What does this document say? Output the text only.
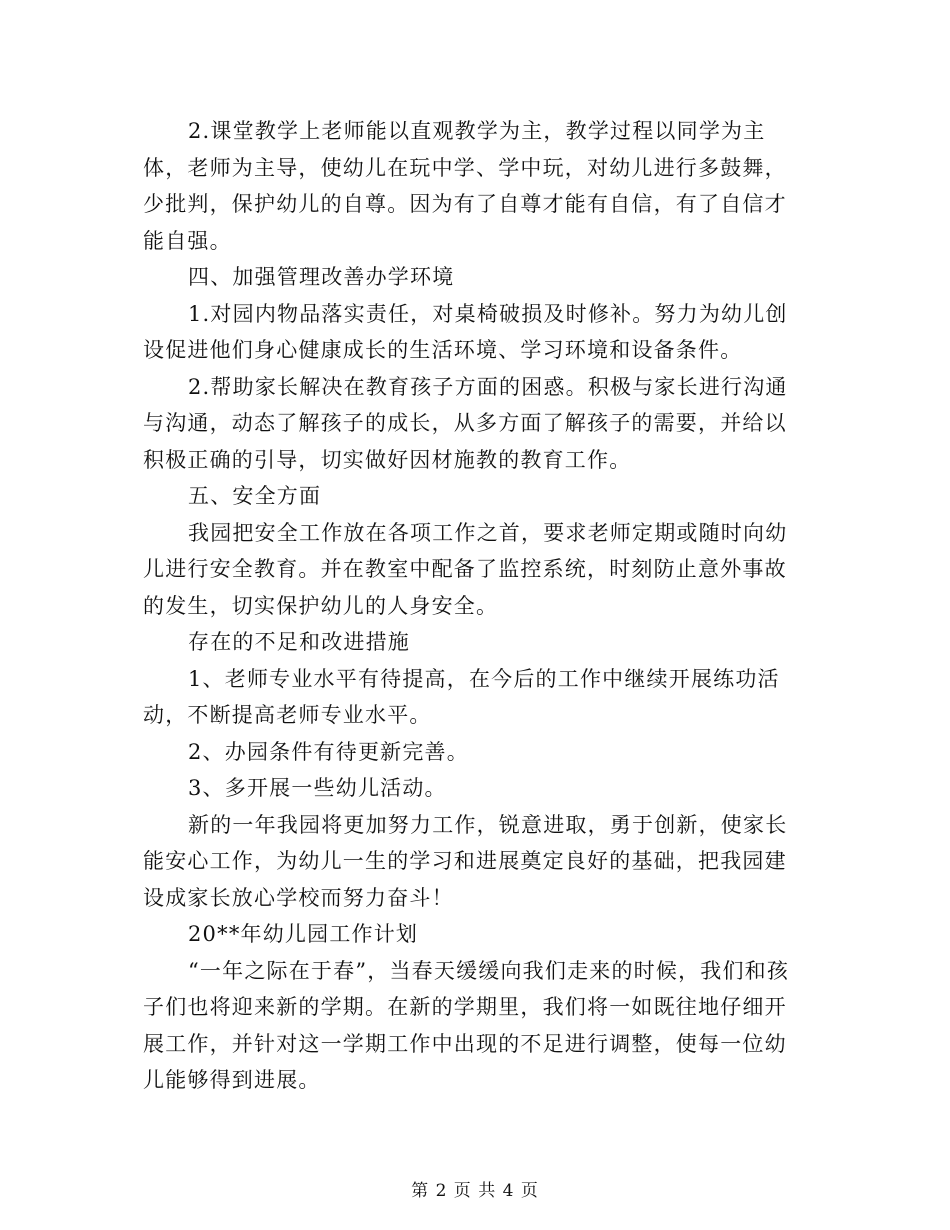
2.课堂教学上老师能以直观教学为主，教学过程以同学为主体，老师为主导，使幼儿在玩中学、学中玩，对幼儿进行多鼓舞，少批判，保护幼儿的自尊。因为有了自尊才能有自信，有了自信才能自强。

四、加强管理改善办学环境

1.对园内物品落实责任，对桌椅破损及时修补。努力为幼儿创设促进他们身心健康成长的生活环境、学习环境和设备条件。

2.帮助家长解决在教育孩子方面的困惑。积极与家长进行沟通与沟通，动态了解孩子的成长，从多方面了解孩子的需要，并给以积极正确的引导，切实做好因材施教的教育工作。

五、安全方面

我园把安全工作放在各项工作之首，要求老师定期或随时向幼儿进行安全教育。并在教室中配备了监控系统，时刻防止意外事故的发生，切实保护幼儿的人身安全。

存在的不足和改进措施

1、老师专业水平有待提高，在今后的工作中继续开展练功活动，不断提高老师专业水平。

2、办园条件有待更新完善。

3、多开展一些幼儿活动。

新的一年我园将更加努力工作，锐意进取，勇于创新，使家长能安心工作，为幼儿一生的学习和进展奠定良好的基础，把我园建设成家长放心学校而努力奋斗！

20**年幼儿园工作计划

“一年之际在于春”，当春天缓缓向我们走来的时候，我们和孩子们也将迎来新的学期。在新的学期里，我们将一如既往地仔细开展工作，并针对这一学期工作中出现的不足进行调整，使每一位幼儿能够得到进展。

第 2 页 共 4 页
